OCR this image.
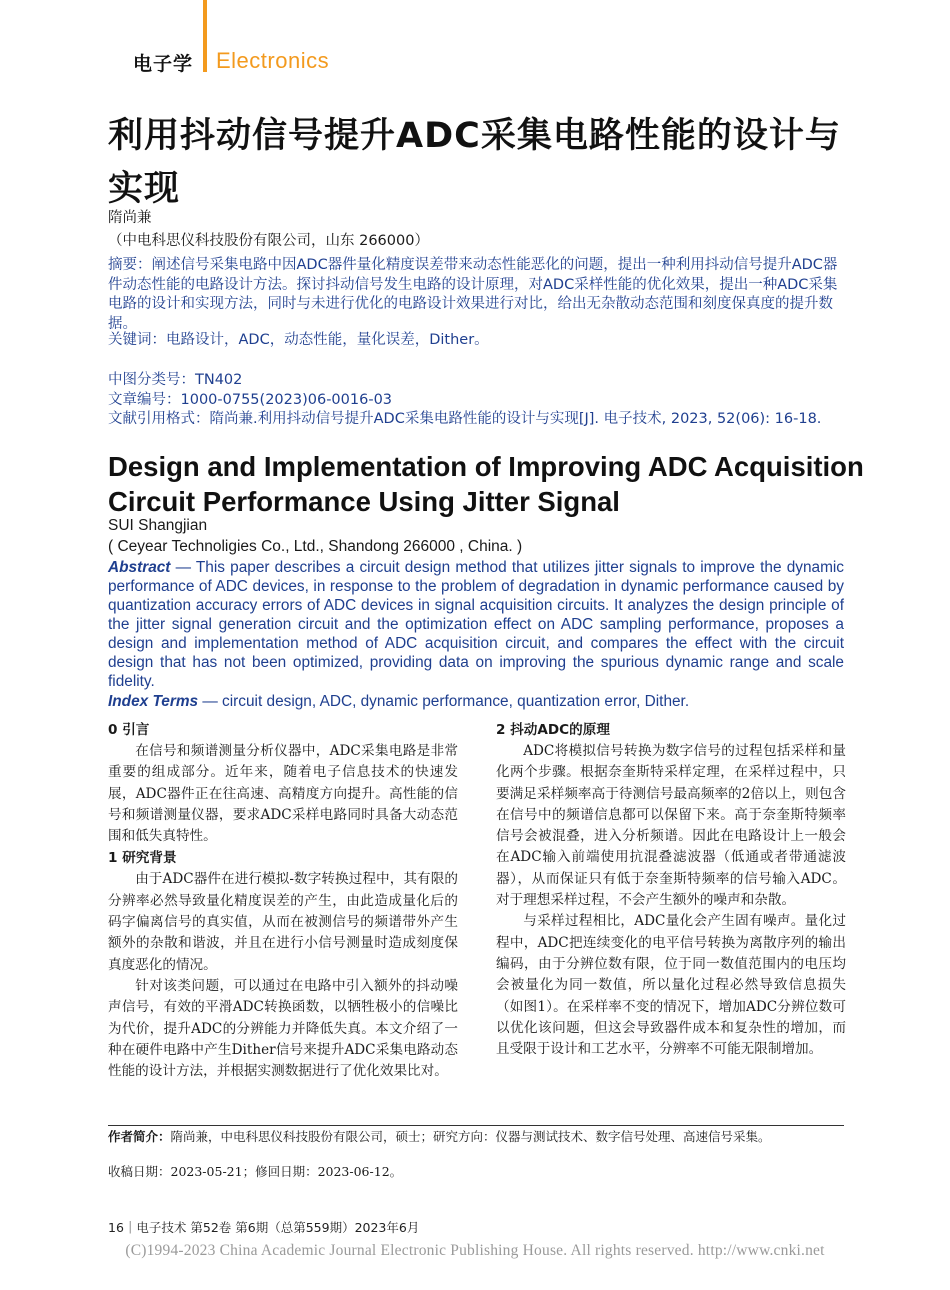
电子学 Electronics
利用抖动信号提升ADC采集电路性能的设计与实现
隋尚兼
（中电科思仪科技股份有限公司，山东 266000）
摘要：阐述信号采集电路中因ADC器件量化精度误差带来动态性能恶化的问题，提出一种利用抖动信号提升ADC器件动态性能的电路设计方法。探讨抖动信号发生电路的设计原理，对ADC采样性能的优化效果，提出一种ADC采集电路的设计和实现方法，同时与未进行优化的电路设计效果进行对比，给出无杂散动态范围和刻度保真度的提升数据。
关键词：电路设计，ADC，动态性能，量化误差，Dither。
中图分类号：TN402
文章编号：1000-0755(2023)06-0016-03
文献引用格式：隋尚兼.利用抖动信号提升ADC采集电路性能的设计与实现[J]. 电子技术, 2023, 52(06): 16-18.
Design and Implementation of Improving ADC Acquisition Circuit Performance Using Jitter Signal
SUI Shangjian
( Ceyear Technoligies Co., Ltd., Shandong 266000 , China. )
Abstract — This paper describes a circuit design method that utilizes jitter signals to improve the dynamic performance of ADC devices, in response to the problem of degradation in dynamic performance caused by quantization accuracy errors of ADC devices in signal acquisition circuits. It analyzes the design principle of the jitter signal generation circuit and the optimization effect on ADC sampling performance, proposes a design and implementation method of ADC acquisition circuit, and compares the effect with the circuit design that has not been optimized, providing data on improving the spurious dynamic range and scale fidelity.
Index Terms — circuit design, ADC, dynamic performance, quantization error, Dither.
0 引言

在信号和频谱测量分析仪器中，ADC采集电路是非常重要的组成部分。近年来，随着电子信息技术的快速发展，ADC器件正在往高速、高精度方向提升。高性能的信号和频谱测量仪器，要求ADC采样电路同时具备大动态范围和低失真特性。

1 研究背景

由于ADC器件在进行模拟-数字转换过程中，其有限的分辨率必然导致量化精度误差的产生，由此造成量化后的码字偏离信号的真实值，从而在被测信号的频谱带外产生额外的杂散和谐波，并且在进行小信号测量时造成刻度保真度恶化的情况。

针对该类问题，可以通过在电路中引入额外的抖动噪声信号，有效的平滑ADC转换函数，以牺牲极小的信噪比为代价，提升ADC的分辨能力并降低失真。本文介绍了一种在硬件电路中产生Dither信号来提升ADC采集电路动态性能的设计方法，并根据实测数据进行了优化效果比对。

2 抖动ADC的原理

ADC将模拟信号转换为数字信号的过程包括采样和量化两个步骤。根据奈奎斯特采样定理，在采样过程中，只要满足采样频率高于待测信号最高频率的2倍以上，则包含在信号中的频谱信息都可以保留下来。高于奈奎斯特频率信号会被混叠，进入分析频谱。因此在电路设计上一般会在ADC输入前端使用抗混叠滤波器（低通或者带通滤波器），从而保证只有低于奈奎斯特频率的信号输入ADC。对于理想采样过程，不会产生额外的噪声和杂散。

与采样过程相比，ADC量化会产生固有噪声。量化过程中，ADC把连续变化的电平信号转换为离散序列的输出编码，由于分辨位数有限，位于同一数值范围内的电压均会被量化为同一数值，所以量化过程必然导致信息损失（如图1）。在采样率不变的情况下，增加ADC分辨位数可以优化该问题，但这会导致器件成本和复杂性的增加，而且受限于设计和工艺水平，分辨率不可能无限制增加。

作者简介：隋尚兼，中电科思仪科技股份有限公司，硕士；研究方向：仪器与测试技术、数字信号处理、高速信号采集。
收稿日期：2023-05-21；修回日期：2023-06-12。
16｜电子技术 第52卷 第6期（总第559期）2023年6月
(C)1994-2023 China Academic Journal Electronic Publishing House. All rights reserved. http://www.cnki.net
